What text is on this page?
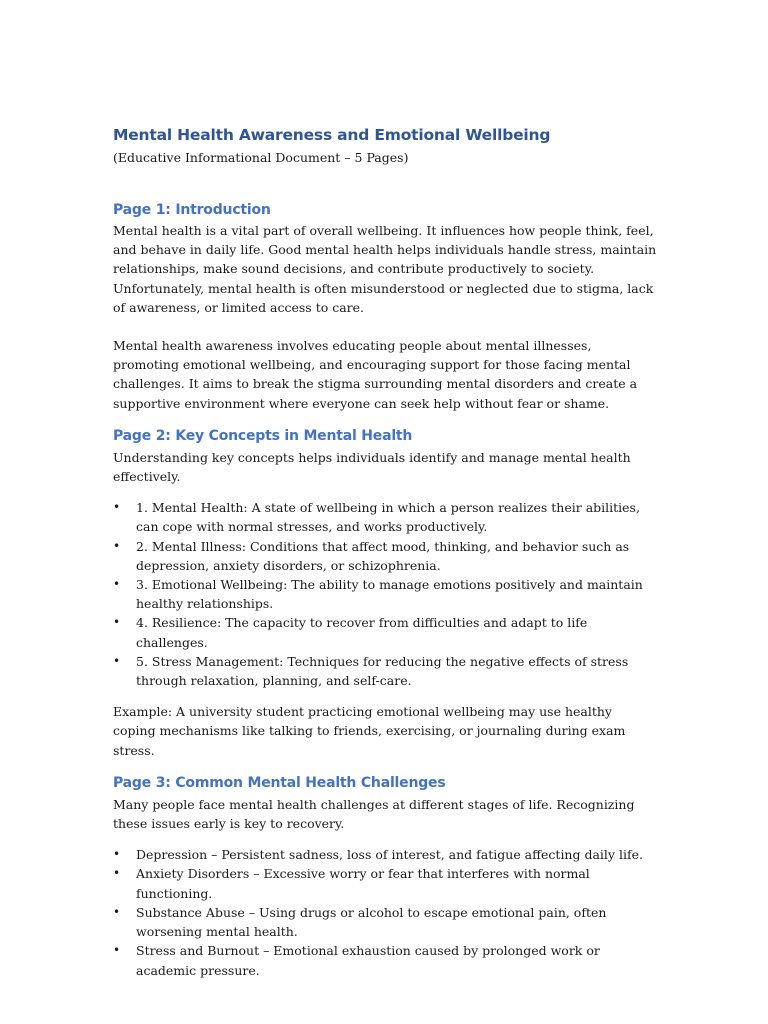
Mental Health Awareness and Emotional Wellbeing

(Educative Informational Document – 5 Pages)

Page 1: Introduction

Mental health is a vital part of overall wellbeing. It influences how people think, feel, and behave in daily life. Good mental health helps individuals handle stress, maintain relationships, make sound decisions, and contribute productively to society. Unfortunately, mental health is often misunderstood or neglected due to stigma, lack of awareness, or limited access to care.

Mental health awareness involves educating people about mental illnesses, promoting emotional wellbeing, and encouraging support for those facing mental challenges. It aims to break the stigma surrounding mental disorders and create a supportive environment where everyone can seek help without fear or shame.

Page 2: Key Concepts in Mental Health

Understanding key concepts helps individuals identify and manage mental health effectively.

• 1. Mental Health: A state of wellbeing in which a person realizes their abilities, can cope with normal stresses, and works productively.
• 2. Mental Illness: Conditions that affect mood, thinking, and behavior such as depression, anxiety disorders, or schizophrenia.
• 3. Emotional Wellbeing: The ability to manage emotions positively and maintain healthy relationships.
• 4. Resilience: The capacity to recover from difficulties and adapt to life challenges.
• 5. Stress Management: Techniques for reducing the negative effects of stress through relaxation, planning, and self-care.

Example: A university student practicing emotional wellbeing may use healthy coping mechanisms like talking to friends, exercising, or journaling during exam stress.

Page 3: Common Mental Health Challenges

Many people face mental health challenges at different stages of life. Recognizing these issues early is key to recovery.

• Depression – Persistent sadness, loss of interest, and fatigue affecting daily life.
• Anxiety Disorders – Excessive worry or fear that interferes with normal functioning.
• Substance Abuse – Using drugs or alcohol to escape emotional pain, often worsening mental health.
• Stress and Burnout – Emotional exhaustion caused by prolonged work or academic pressure.
